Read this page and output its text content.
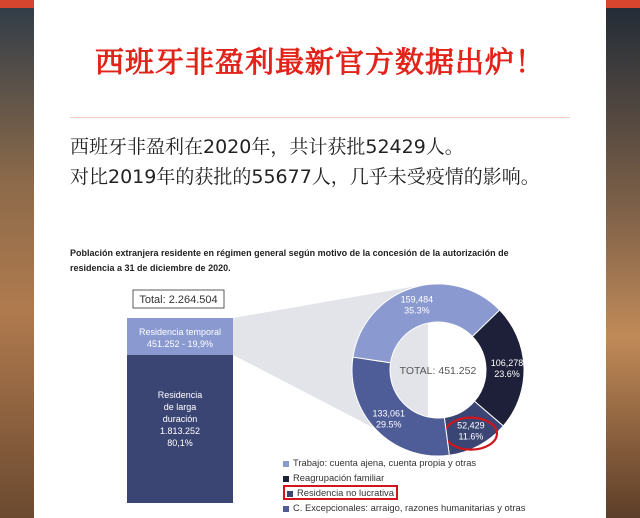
西班牙非盈利最新官方数据出炉！
西班牙非盈利在2020年，共计获批52429人。
对比2019年的获批的55677人，几乎未受疫情的影响。
Población extranjera residente en régimen general según motivo de la concesión de la autorización de
residencia a 31 de diciembre de 2020.
Total: 2.264.504
Residencia temporal
451.252 - 19,9%
Residencia
de larga
duración
1.813.252
80,1%
159,484
35.3%
106,278
23.6%
52,429
11.6%
133,061
29.5%
TOTAL: 451.252
Trabajo: cuenta ajena, cuenta propia y otras
Reagrupación familiar
Residencia no lucrativa
C. Excepcionales: arraigo, razones humanitarias y otras
